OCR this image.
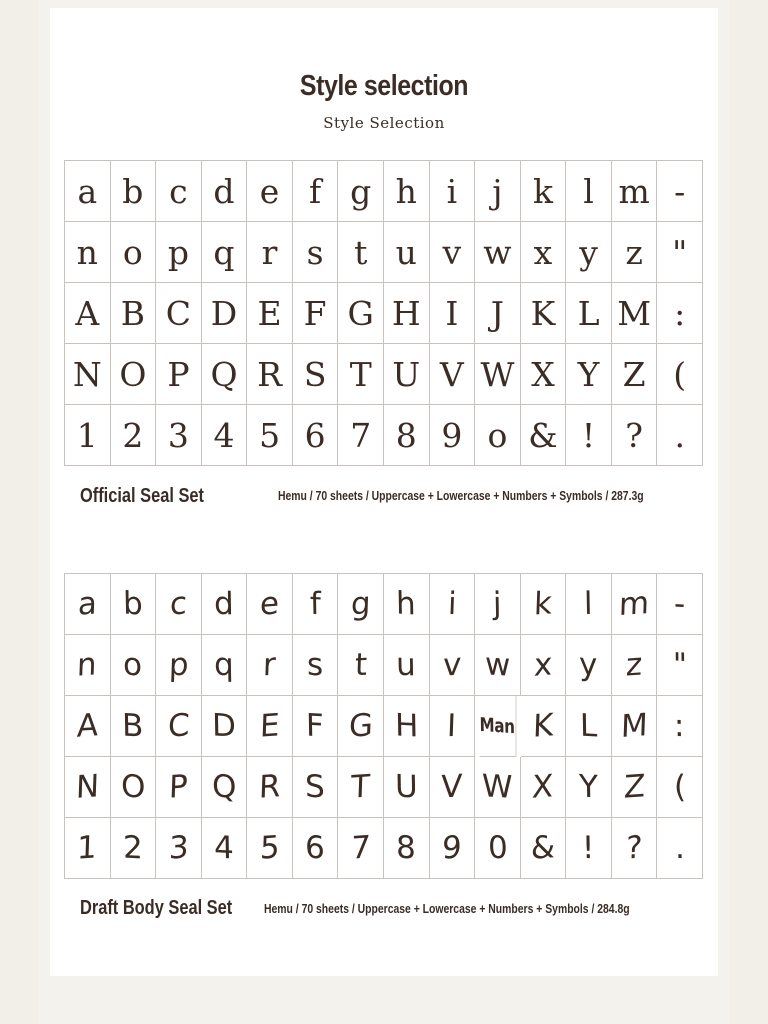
Style selection
Style Selection
a b c d e f g h i j k l m -
n o p q r s t u v w x y z "
A B C D E F G H I J K L M :
N O P Q R S T U V W X Y Z (
1 2 3 4 5 6 7 8 9 o & ! ? .
Official Seal Set	Hemu / 70 sheets / Uppercase + Lowercase + Numbers + Symbols / 287.3g
a b c d e f g h i j k l m -
n o p q r s t u v w x y z "
A B C D E F G H I Man K L M :
N O P Q R S T U V W X Y Z (
1 2 3 4 5 6 7 8 9 0 & ! ? .
Draft Body Seal Set Hemu / 70 sheets / Uppercase + Lowercase + Numbers + Symbols / 284.8g
